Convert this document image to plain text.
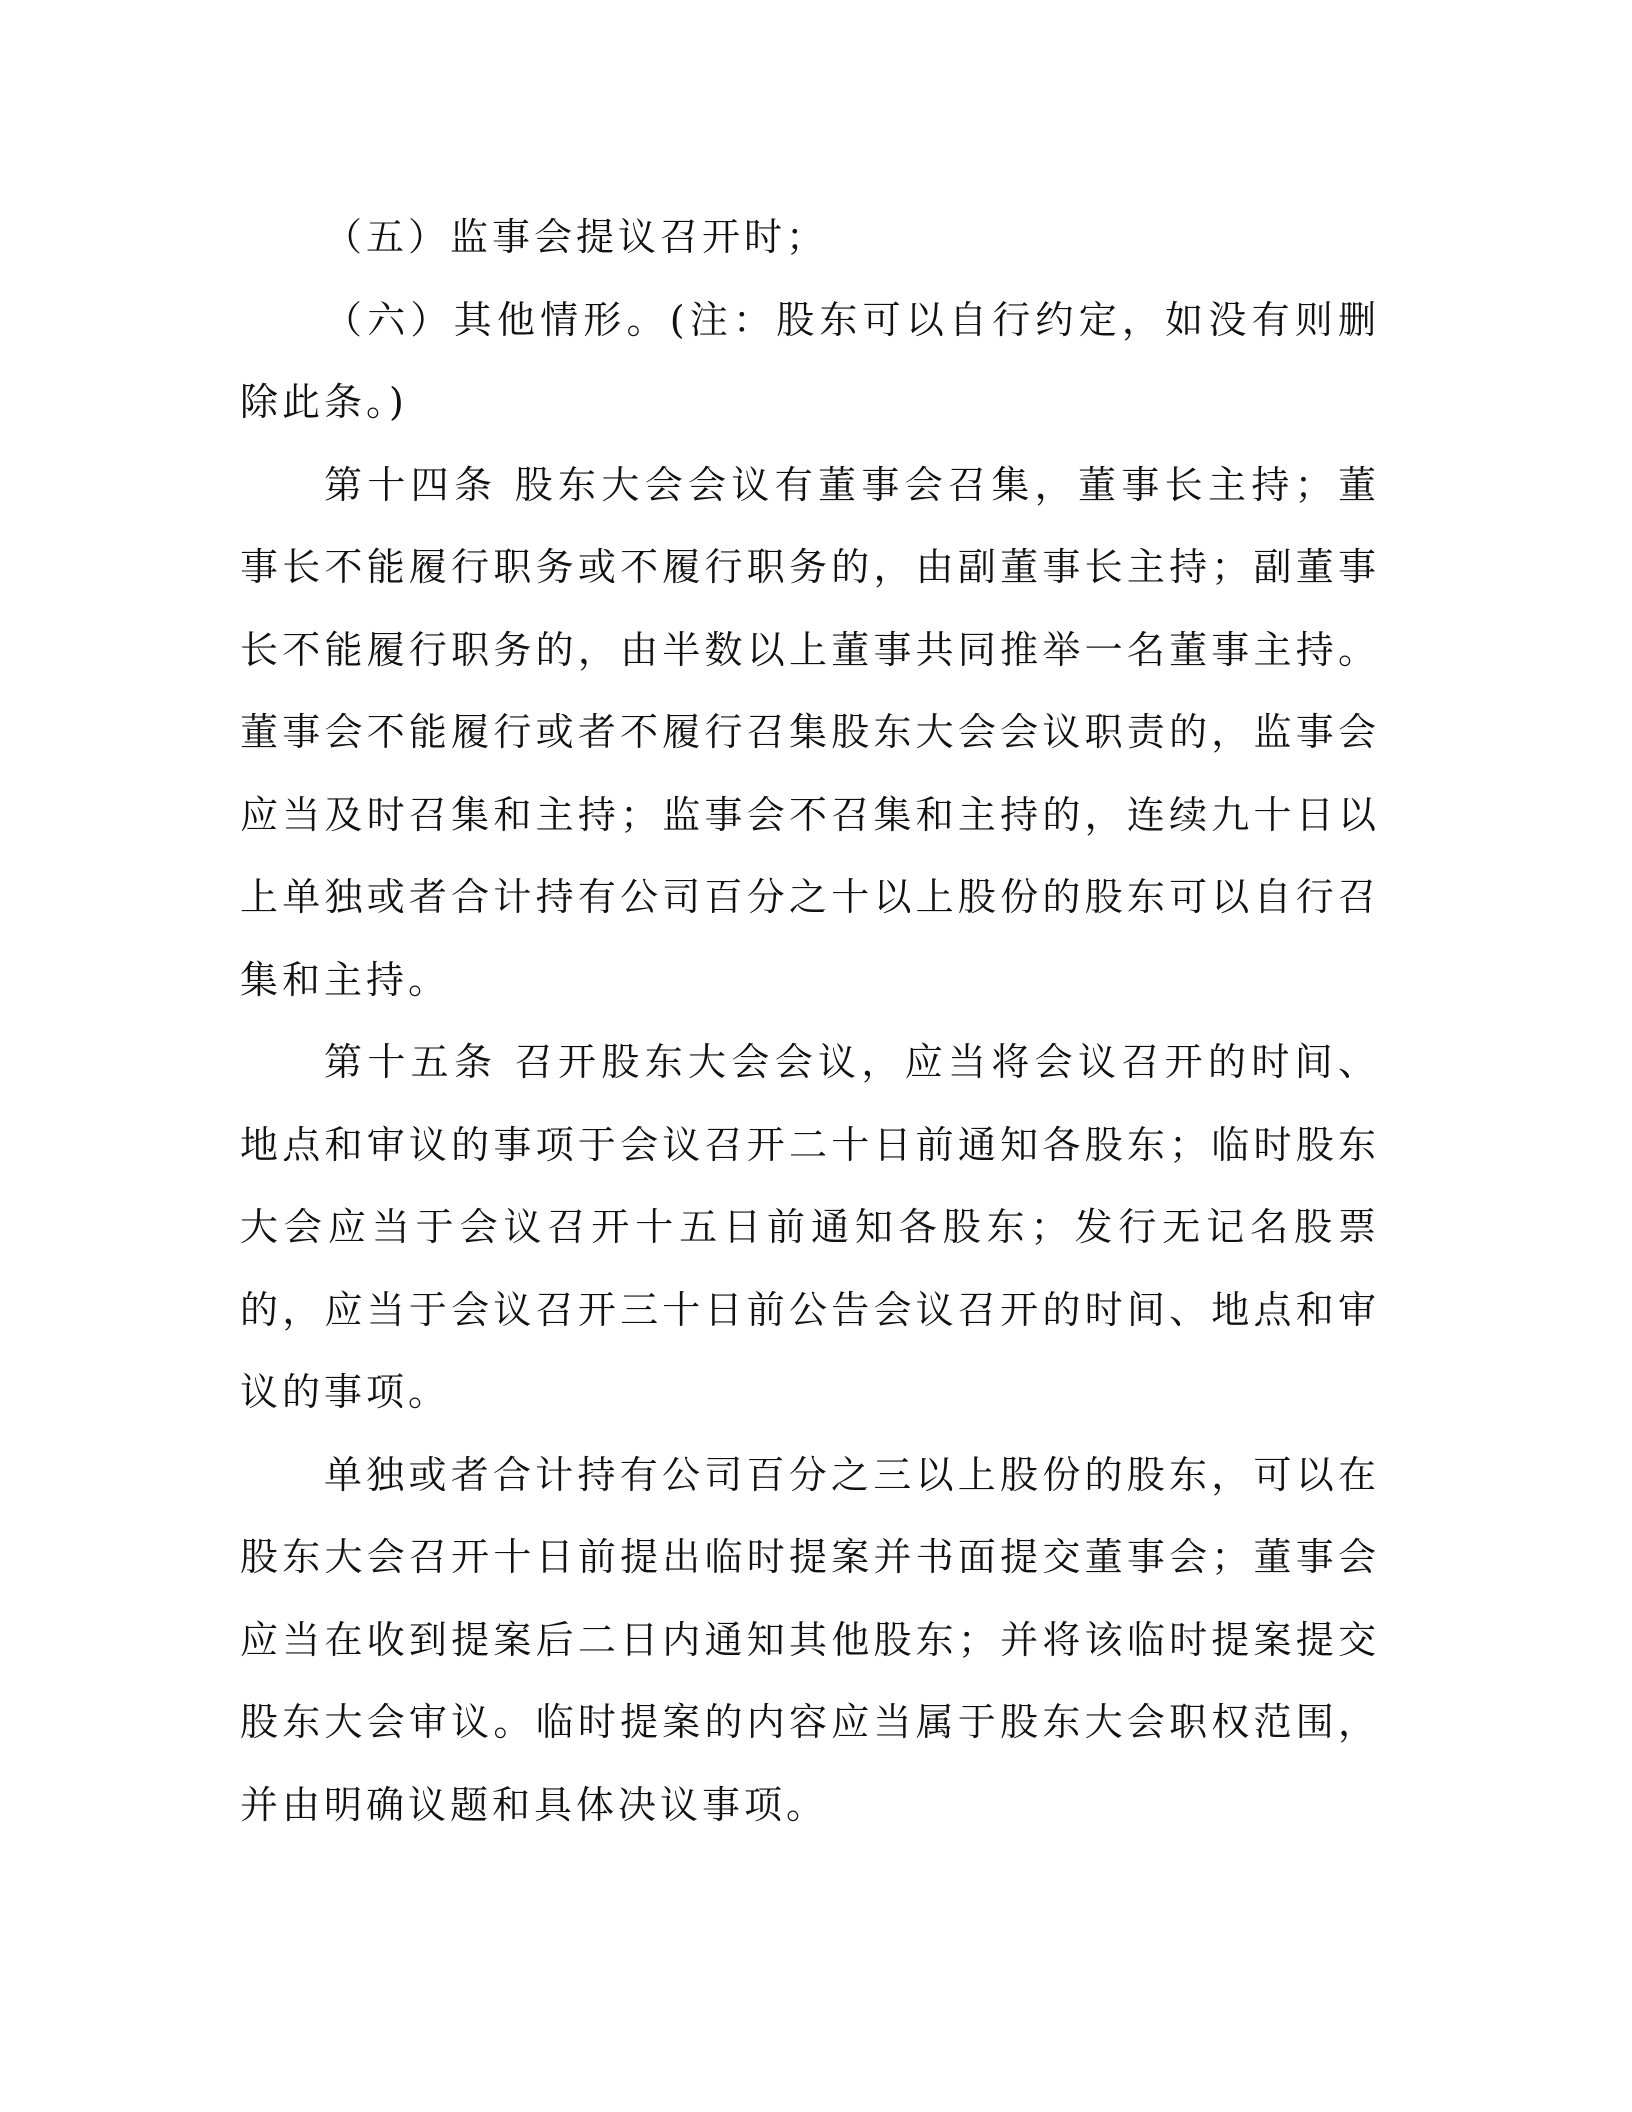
（五）监事会提议召开时；

（六）其他情形。(注：股东可以自行约定，如没有则删除此条。)

第十四条 股东大会会议有董事会召集，董事长主持；董事长不能履行职务或不履行职务的，由副董事长主持；副董事长不能履行职务的，由半数以上董事共同推举一名董事主持。董事会不能履行或者不履行召集股东大会会议职责的，监事会应当及时召集和主持；监事会不召集和主持的，连续九十日以上单独或者合计持有公司百分之十以上股份的股东可以自行召集和主持。

第十五条 召开股东大会会议，应当将会议召开的时间、地点和审议的事项于会议召开二十日前通知各股东；临时股东大会应当于会议召开十五日前通知各股东；发行无记名股票的，应当于会议召开三十日前公告会议召开的时间、地点和审议的事项。

单独或者合计持有公司百分之三以上股份的股东，可以在股东大会召开十日前提出临时提案并书面提交董事会；董事会应当在收到提案后二日内通知其他股东；并将该临时提案提交股东大会审议。临时提案的内容应当属于股东大会职权范围，并由明确议题和具体决议事项。
